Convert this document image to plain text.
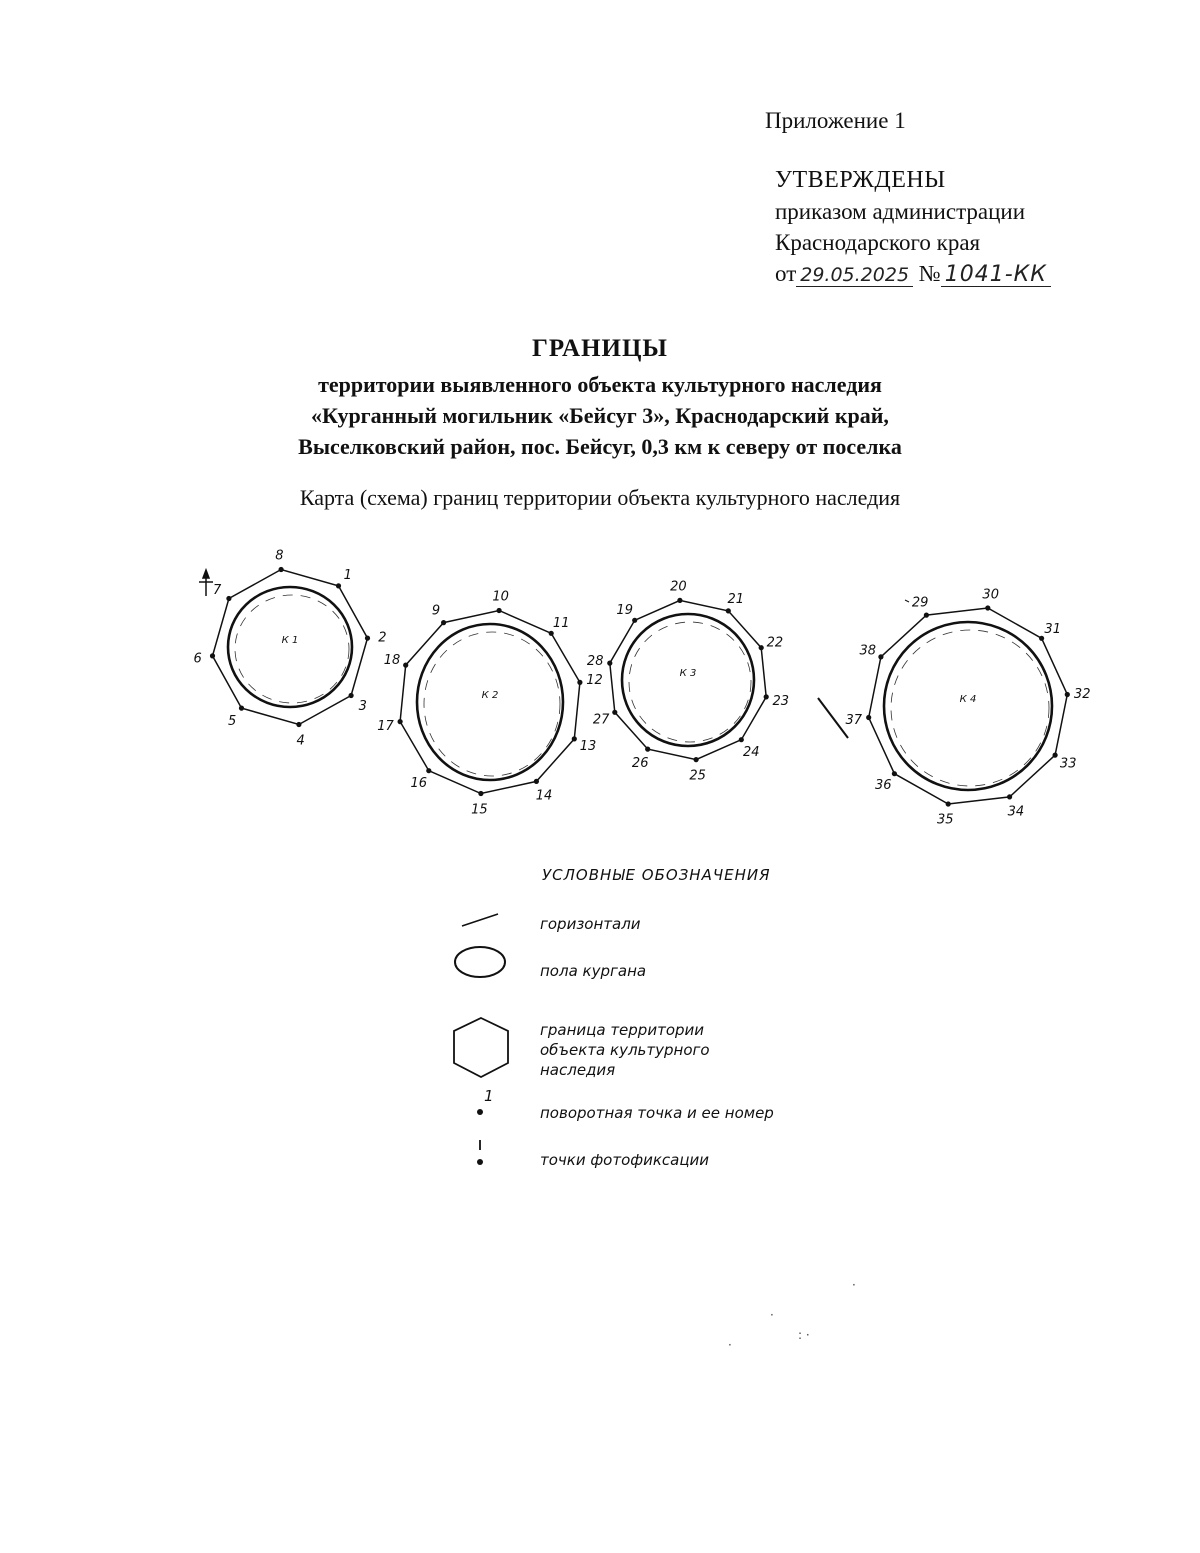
Приложение 1
УТВЕРЖДЕНЫ
приказом администрации
Краснодарского края
от 29.05.2025 № 1041-КК
ГРАНИЦЫ
территории выявленного объекта культурного наследия
«Курганный могильник «Бейсуг 3», Краснодарский край,
Выселковский район, пос. Бейсуг, 0,3 км к северу от поселка
Карта (схема) границ территории объекта культурного наследия
1
2
3
4
5
6
7
8
К 1
9
10
11
12
13
14
15
16
17
18
К 2
19
20
21
22
23
24
25
26
27
28
К 3
29
30
31
32
33
34
35
36
37
38
К 4
УСЛОВНЫЕ ОБОЗНАЧЕНИЯ
горизонтали
пола кургана
граница территории
объекта культурного
наследия
1
поворотная точка и ее номер
точки фотофиксации
·
·
: ·
·
